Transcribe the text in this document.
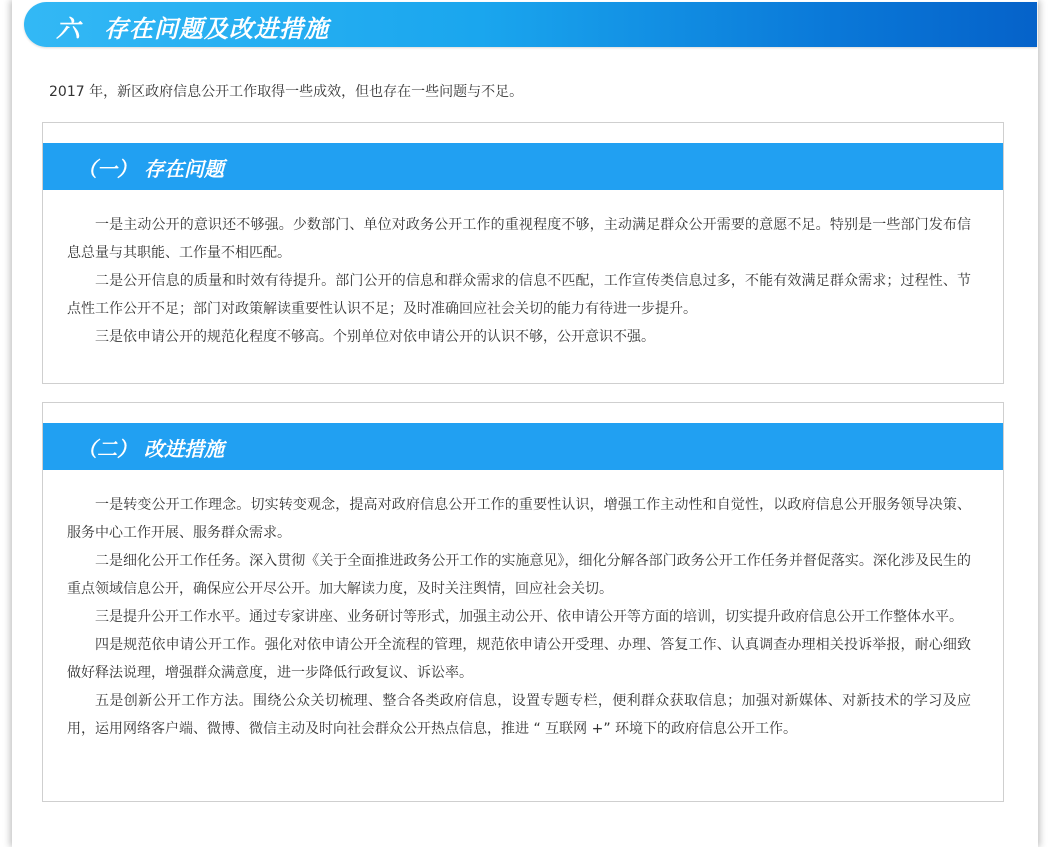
六 存在问题及改进措施

2017 年，新区政府信息公开工作取得一些成效，但也存在一些问题与不足。

（一） 存在问题

一是主动公开的意识还不够强。少数部门、单位对政务公开工作的重视程度不够，主动满足群众公开需要的意愿不足。特别是一些部门发布信息总量与其职能、工作量不相匹配。

二是公开信息的质量和时效有待提升。部门公开的信息和群众需求的信息不匹配，工作宣传类信息过多，不能有效满足群众需求；过程性、节点性工作公开不足；部门对政策解读重要性认识不足；及时准确回应社会关切的能力有待进一步提升。

三是依申请公开的规范化程度不够高。个别单位对依申请公开的认识不够，公开意识不强。

（二） 改进措施

一是转变公开工作理念。切实转变观念，提高对政府信息公开工作的重要性认识，增强工作主动性和自觉性，以政府信息公开服务领导决策、服务中心工作开展、服务群众需求。

二是细化公开工作任务。深入贯彻《关于全面推进政务公开工作的实施意见》，细化分解各部门政务公开工作任务并督促落实。深化涉及民生的重点领域信息公开，确保应公开尽公开。加大解读力度，及时关注舆情，回应社会关切。

三是提升公开工作水平。通过专家讲座、业务研讨等形式，加强主动公开、依申请公开等方面的培训，切实提升政府信息公开工作整体水平。

四是规范依申请公开工作。强化对依申请公开全流程的管理，规范依申请公开受理、办理、答复工作、认真调查办理相关投诉举报，耐心细致做好释法说理，增强群众满意度，进一步降低行政复议、诉讼率。

五是创新公开工作方法。围绕公众关切梳理、整合各类政府信息，设置专题专栏，便利群众获取信息；加强对新媒体、对新技术的学习及应用，运用网络客户端、微博、微信主动及时向社会群众公开热点信息，推进 “ 互联网 +” 环境下的政府信息公开工作。
